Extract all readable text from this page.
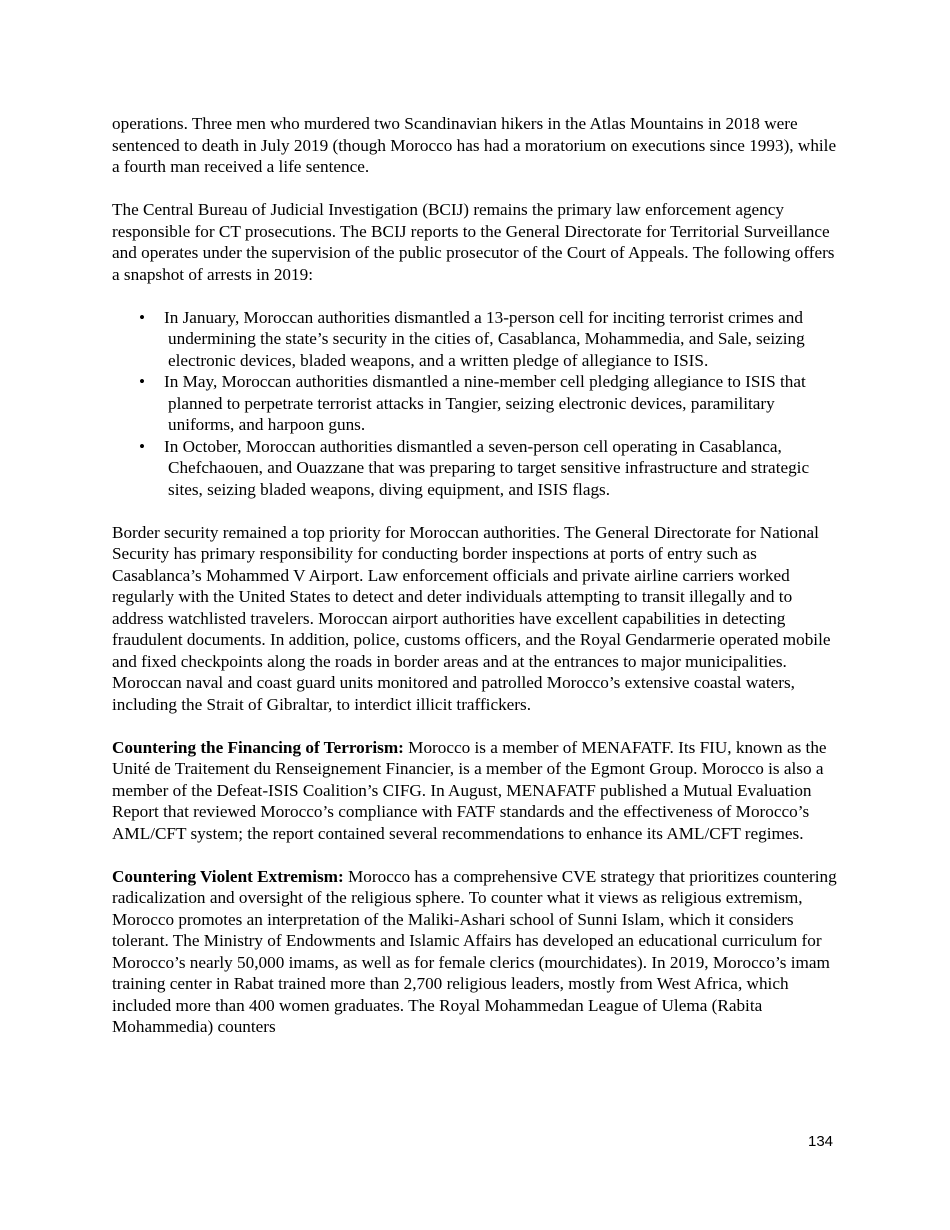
operations. Three men who murdered two Scandinavian hikers in the Atlas Mountains in 2018 were sentenced to death in July 2019 (though Morocco has had a moratorium on executions since 1993), while a fourth man received a life sentence.

The Central Bureau of Judicial Investigation (BCIJ) remains the primary law enforcement agency responsible for CT prosecutions. The BCIJ reports to the General Directorate for Territorial Surveillance and operates under the supervision of the public prosecutor of the Court of Appeals. The following offers a snapshot of arrests in 2019:

• In January, Moroccan authorities dismantled a 13-person cell for inciting terrorist crimes and undermining the state’s security in the cities of, Casablanca, Mohammedia, and Sale, seizing electronic devices, bladed weapons, and a written pledge of allegiance to ISIS.
• In May, Moroccan authorities dismantled a nine-member cell pledging allegiance to ISIS that planned to perpetrate terrorist attacks in Tangier, seizing electronic devices, paramilitary uniforms, and harpoon guns.
• In October, Moroccan authorities dismantled a seven-person cell operating in Casablanca, Chefchaouen, and Ouazzane that was preparing to target sensitive infrastructure and strategic sites, seizing bladed weapons, diving equipment, and ISIS flags.

Border security remained a top priority for Moroccan authorities. The General Directorate for National Security has primary responsibility for conducting border inspections at ports of entry such as Casablanca’s Mohammed V Airport. Law enforcement officials and private airline carriers worked regularly with the United States to detect and deter individuals attempting to transit illegally and to address watchlisted travelers. Moroccan airport authorities have excellent capabilities in detecting fraudulent documents. In addition, police, customs officers, and the Royal Gendarmerie operated mobile and fixed checkpoints along the roads in border areas and at the entrances to major municipalities. Moroccan naval and coast guard units monitored and patrolled Morocco’s extensive coastal waters, including the Strait of Gibraltar, to interdict illicit traffickers.

Countering the Financing of Terrorism: Morocco is a member of MENAFATF. Its FIU, known as the Unité de Traitement du Renseignement Financier, is a member of the Egmont Group. Morocco is also a member of the Defeat-ISIS Coalition’s CIFG. In August, MENAFATF published a Mutual Evaluation Report that reviewed Morocco’s compliance with FATF standards and the effectiveness of Morocco’s AML/CFT system; the report contained several recommendations to enhance its AML/CFT regimes.

Countering Violent Extremism: Morocco has a comprehensive CVE strategy that prioritizes countering radicalization and oversight of the religious sphere. To counter what it views as religious extremism, Morocco promotes an interpretation of the Maliki-Ashari school of Sunni Islam, which it considers tolerant. The Ministry of Endowments and Islamic Affairs has developed an educational curriculum for Morocco’s nearly 50,000 imams, as well as for female clerics (mourchidates). In 2019, Morocco’s imam training center in Rabat trained more than 2,700 religious leaders, mostly from West Africa, which included more than 400 women graduates. The Royal Mohammedan League of Ulema (Rabita Mohammedia) counters

134
